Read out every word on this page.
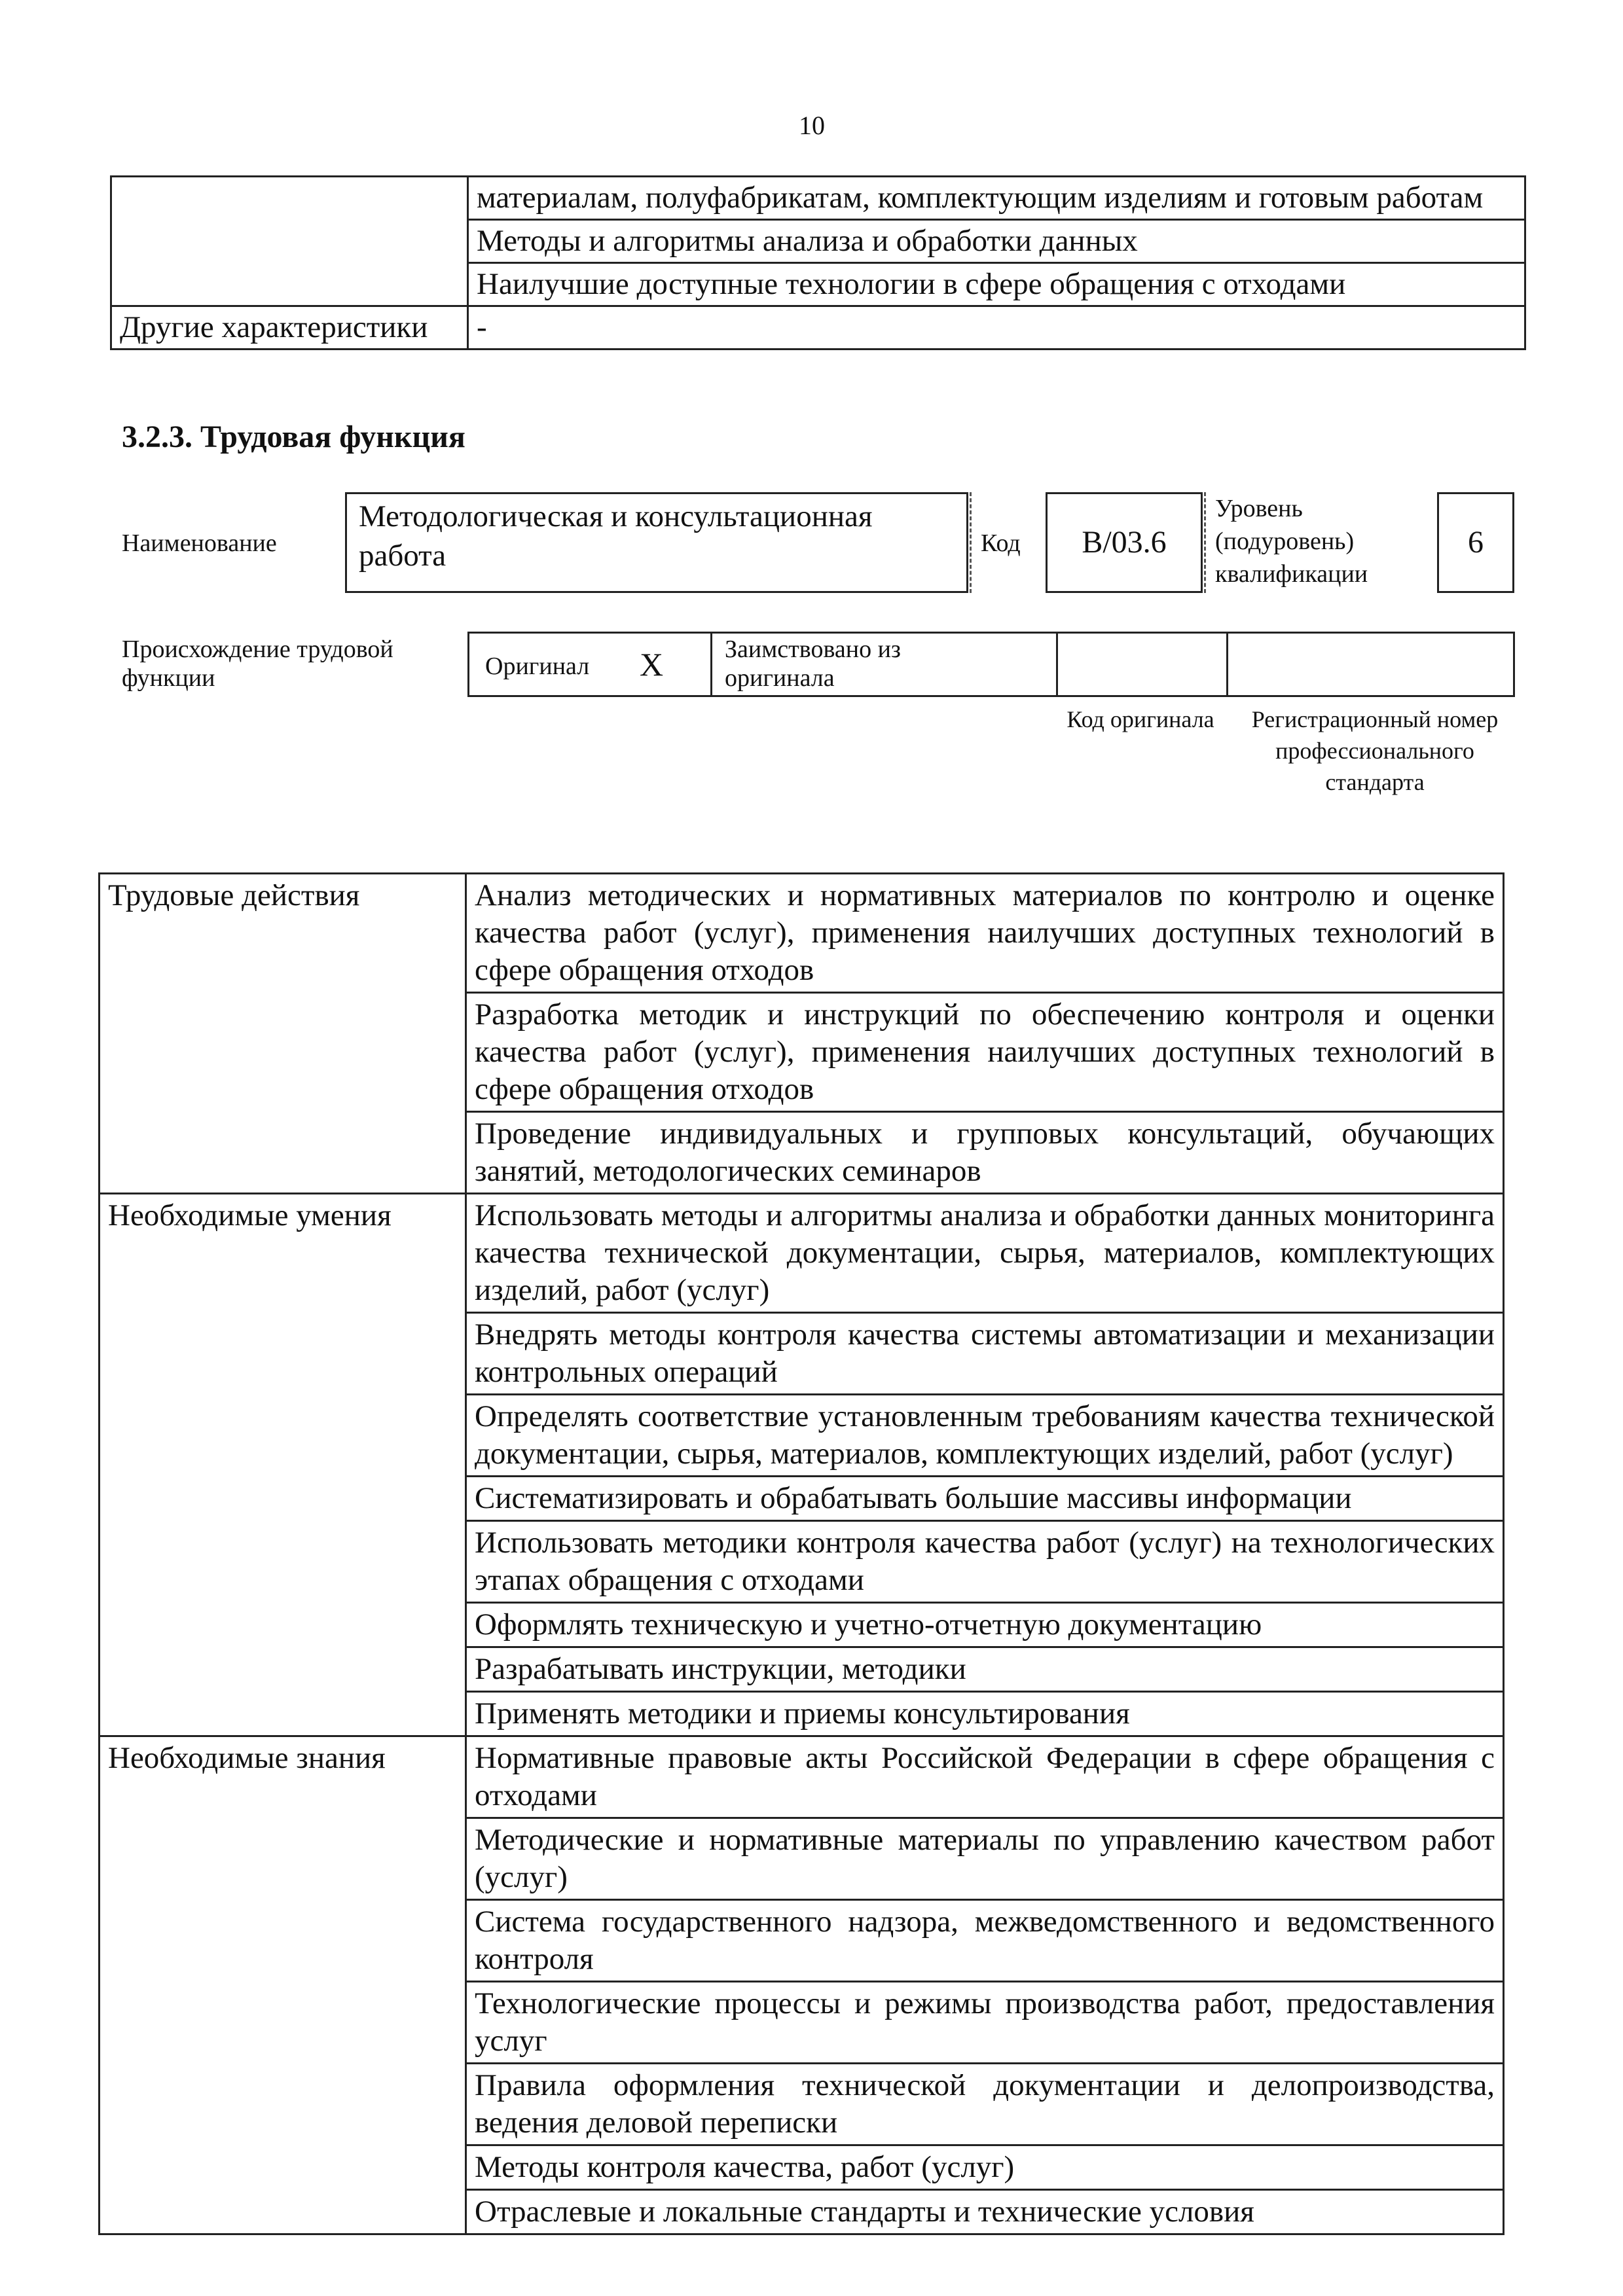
10
	материалам, полуфабрикатам, комплектующим изделиям и готовым работам
	Методы и алгоритмы анализа и обработки данных
	Наилучшие доступные технологии в сфере обращения с отходами
Другие характеристики	-
3.2.3. Трудовая функция
Наименование
Методологическая и консультационная работа	Код	B/03.6
Уровень (подуровень) квалификации
6
Происхождение трудовой функции	Оригинал X Заимствовано из оригинала
Код оригинала	Регистрационный номер профессионального стандарта
Трудовые действия	Анализ методических и нормативных материалов по контролю и оценке качества работ (услуг), применения наилучших доступных технологий в сфере обращения отходов
	Разработка методик и инструкций по обеспечению контроля и оценки качества работ (услуг), применения наилучших доступных технологий в сфере обращения отходов
	Проведение индивидуальных и групповых консультаций, обучающих занятий, методологических семинаров
Необходимые умения	Использовать методы и алгоритмы анализа и обработки данных мониторинга качества технической документации, сырья, материалов, комплектующих изделий, работ (услуг)
	Внедрять методы контроля качества системы автоматизации и механизации контрольных операций
	Определять соответствие установленным требованиям качества технической документации, сырья, материалов, комплектующих изделий, работ (услуг)
	Систематизировать и обрабатывать большие массивы информации
	Использовать методики контроля качества работ (услуг) на технологических этапах обращения с отходами
	Оформлять техническую и учетно-отчетную документацию
	Разрабатывать инструкции, методики
	Применять методики и приемы консультирования
Необходимые знания	Нормативные правовые акты Российской Федерации в сфере обращения с отходами
	Методические и нормативные материалы по управлению качеством работ (услуг)
	Система государственного надзора, межведомственного и ведомственного контроля
	Технологические процессы и режимы производства работ, предоставления услуг
	Правила оформления технической документации и делопроизводства, ведения деловой переписки
	Методы контроля качества, работ (услуг)
	Отраслевые и локальные стандарты и технические условия
